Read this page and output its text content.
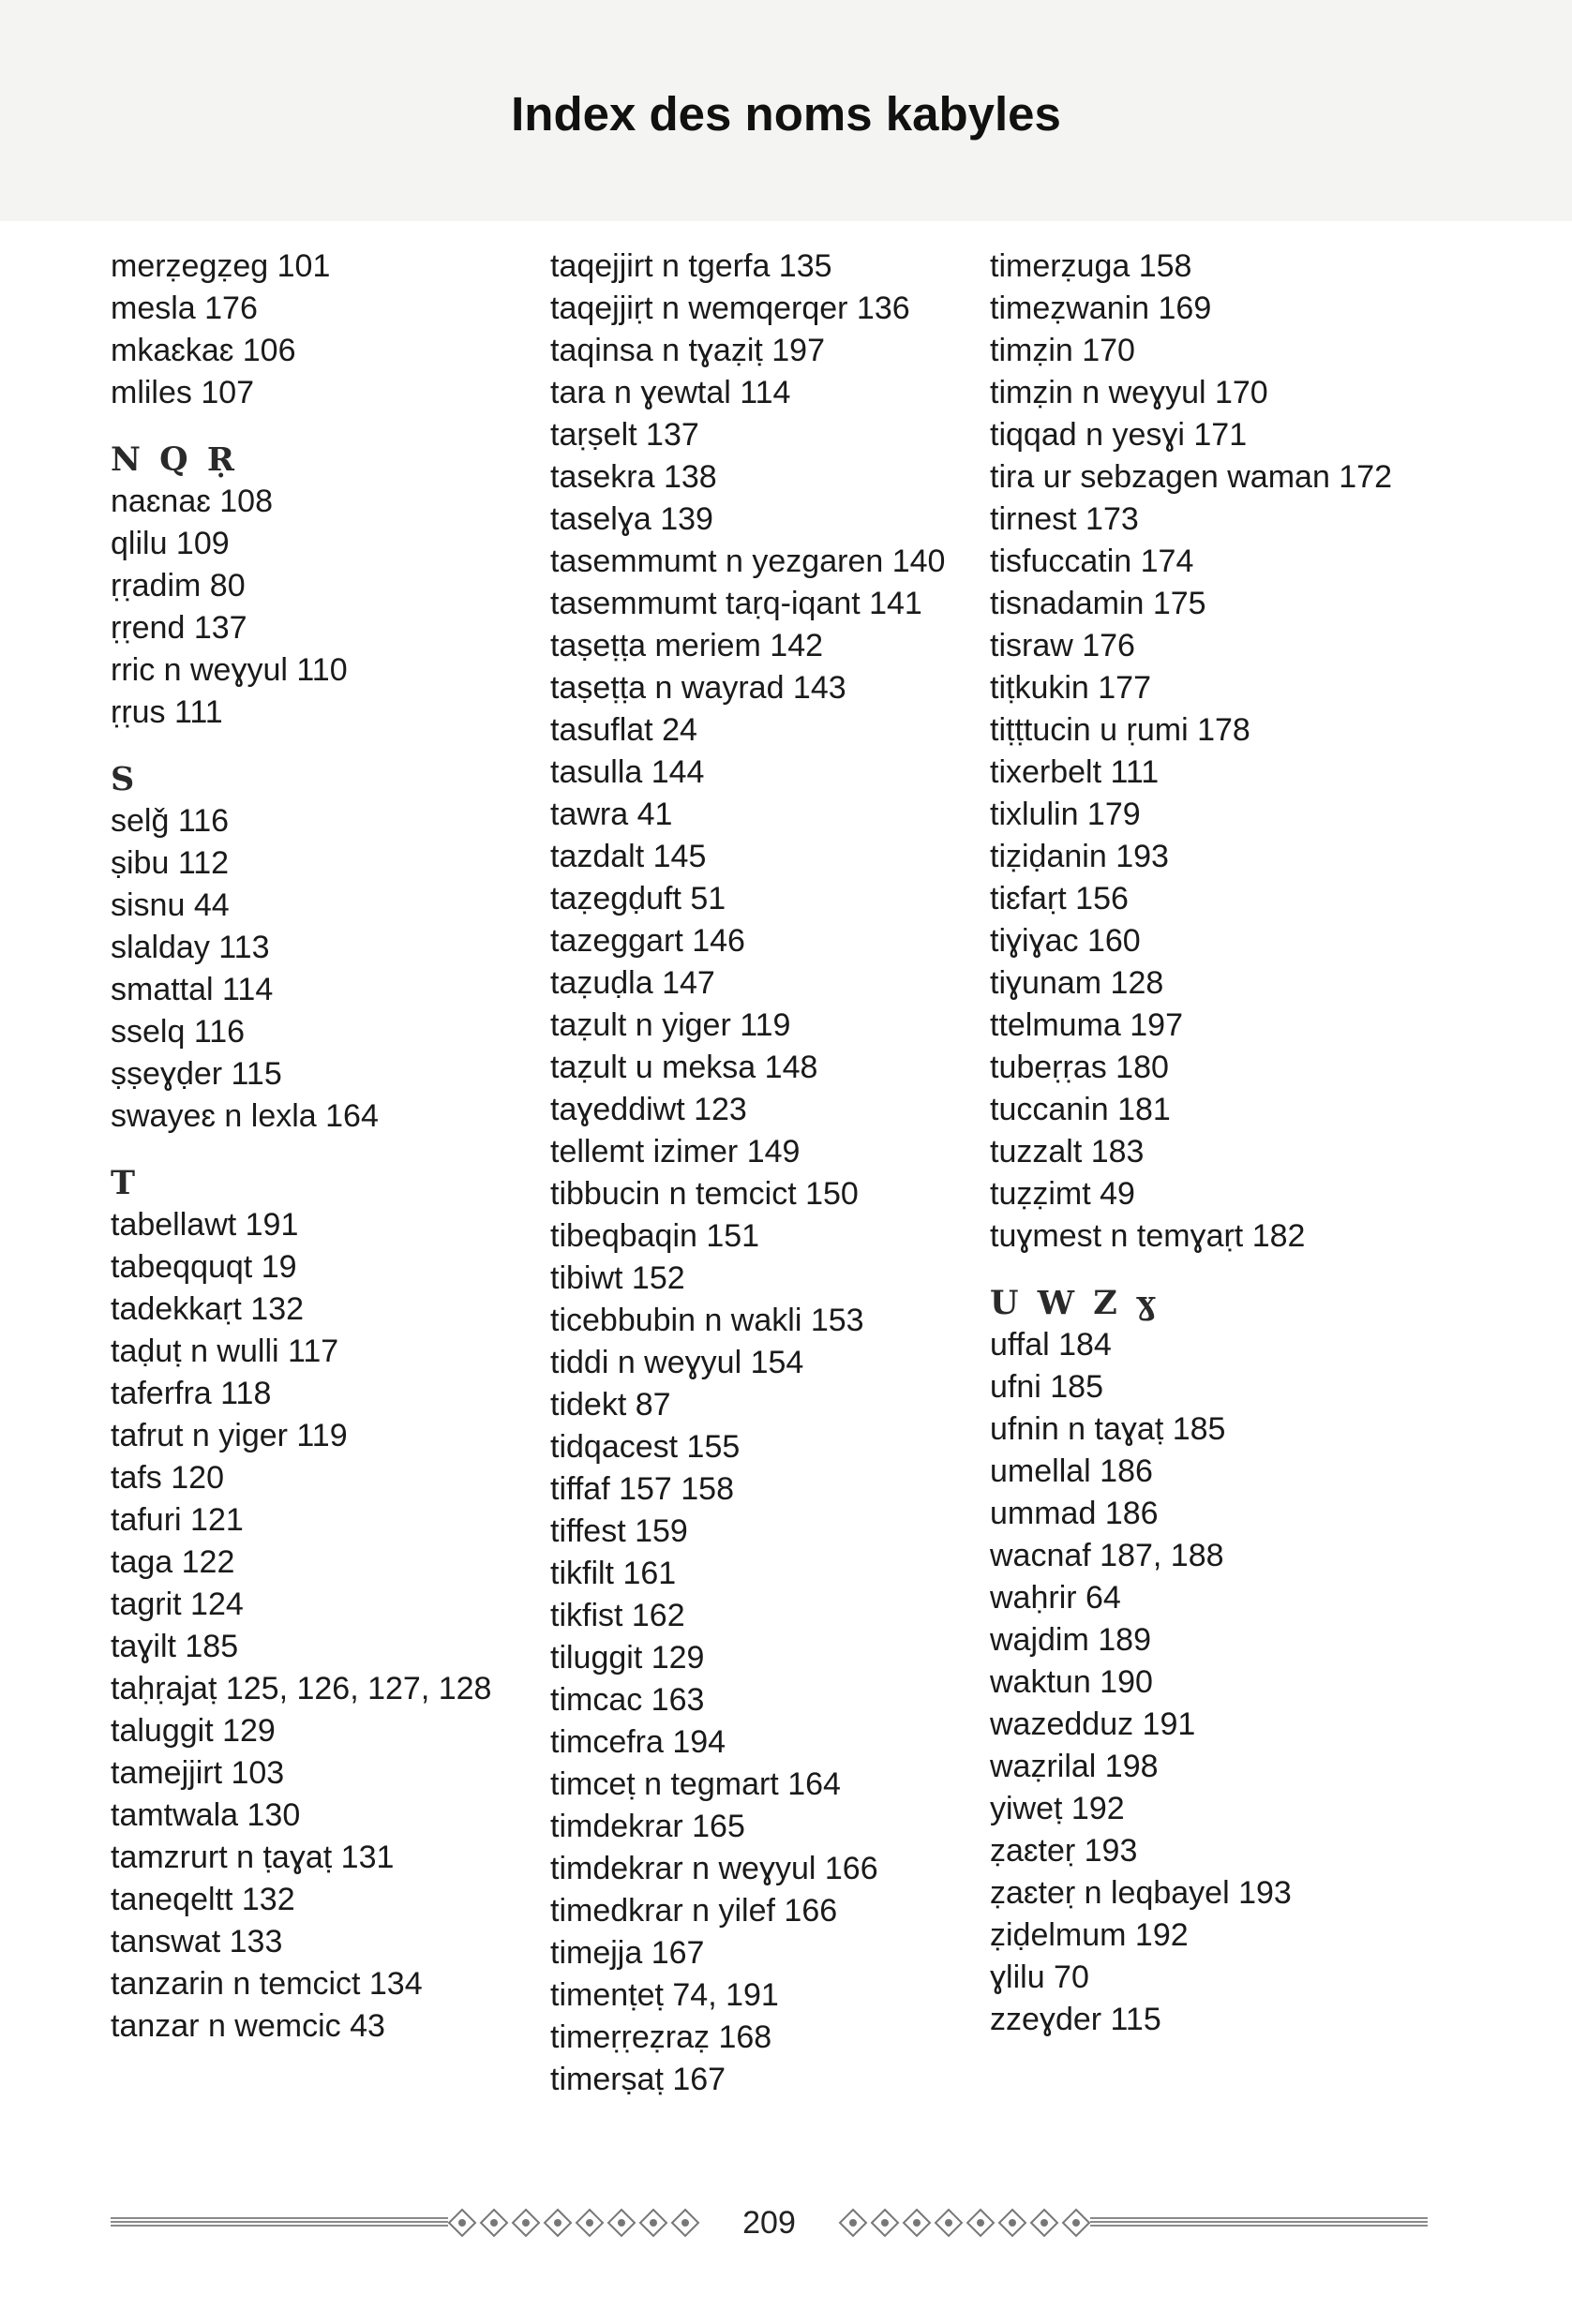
Index des noms kabyles
merẓegẓeg 101
mesla 176
mkaɛkaɛ 106
mliles 107
N Q Ṛ
naɛnaɛ 108
qlilu 109
ṛṛadim 80
ṛṛend 137
rric n weɣyul 110
ṛṛus 111
S
selǧ 116
ṣibu 112
sisnu 44
slalday 113
smattal 114
sselq 116
ṣṣeɣḍer 115
swayeɛ n lexla 164
T
tabellawt 191
tabeqquqt 19
tadekkaṛt 132
taḍuṭ n wulli 117
taferfra 118
tafrut n yiger 119
tafs 120
tafuri 121
taga 122
tagrit 124
taɣilt 185
taḥṛajaṭ 125, 126, 127, 128
taluggit 129
tamejjirt 103
tamtwala 130
tamzrurt n ṭaɣaṭ 131
taneqeltt 132
tanswat 133
tanzarin n temcict 134
tanzar n wemcic 43
taqejjirt n tgerfa 135
taqejjiṛt n wemqerqer 136
taqinsa n tɣaẓiṭ 197
tara n ɣewtal 114
taṛṣelt 137
tasekra 138
taselɣa 139
tasemmumt n yezgaren 140
tasemmumt taṛq-iqant 141
taṣeṭṭa meriem 142
taṣeṭṭa n wayrad 143
tasuflat 24
tasulla 144
tawra 41
tazdalt 145
taẓegḍuft 51
tazeggart 146
taẓuḍla 147
taẓult n yiger 119
taẓult u meksa 148
taɣeddiwt 123
tellemt izimer 149
tibbucin n temcict 150
tibeqbaqin 151
tibiwt 152
ticebbubin n wakli 153
tiddi n weɣyul 154
tidekt 87
tidqacest 155
tiffaf 157 158
tiffest 159
tikfilt 161
tikfist 162
tiluggit 129
timcac 163
timcefra 194
timceṭ n tegmart 164
timdekrar 165
timdekrar n weɣyul 166
timedkrar n yilef 166
timejja 167
timenṭeṭ 74, 191
timeṛṛeẓraẓ 168
timerṣaṭ 167
timerẓuga 158
timeẓwanin 169
timẓin 170
timẓin n weɣyul 170
tiqqad n yesɣi 171
tira ur sebzagen waman 172
tirnest 173
tisfuccatin 174
tisnadamin 175
tisraw 176
tiṭkukin 177
tiṭṭtucin u ṛumi 178
tixerbelt 111
tixlulin 179
tiẓiḍanin 193
tiɛfaṛt 156
tiɣiɣac 160
tiɣunam 128
ttelmuma 197
tubeṛṛas 180
tuccanin 181
tuzzalt 183
tuẓẓimt 49
tuɣmest n temɣaṛt 182
U W Z ɣ
uffal 184
ufni 185
ufnin n taɣaṭ 185
umellal 186
ummad 186
wacnaf 187, 188
waḥrir 64
wajdim 189
waktun 190
wazedduz 191
waẓrilal 198
yiweṭ 192
ẓaɛteṛ 193
ẓaɛteṛ n leqbayel 193
ẓiḍelmum 192
ɣlilu 70
zzeɣder 115
209
